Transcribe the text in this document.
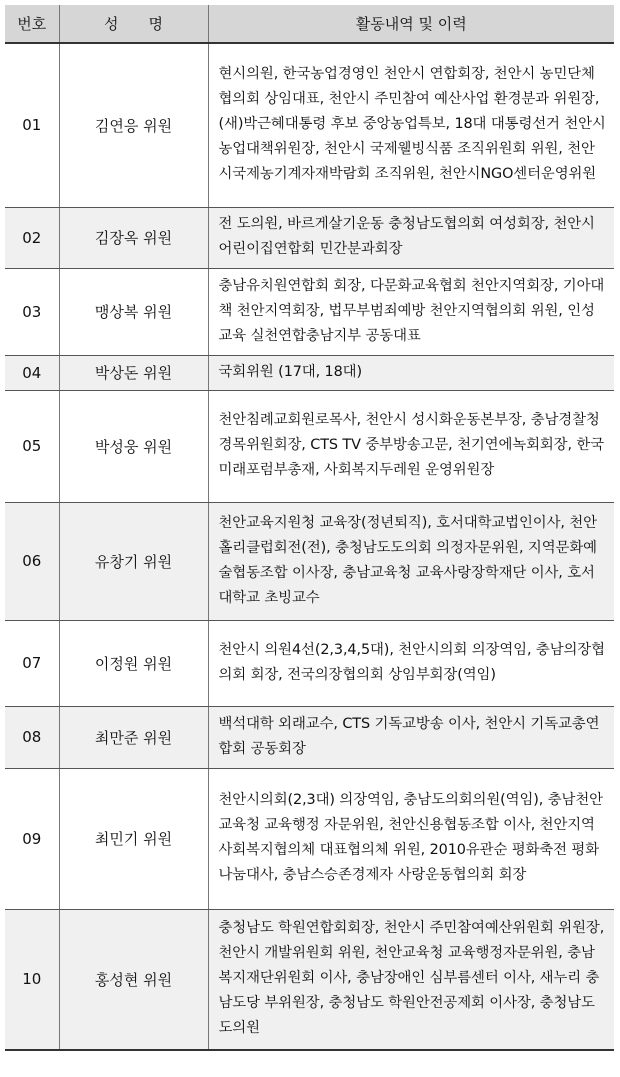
번호	성　　명	활동내역 및 이력
01	김연응 위원	현시의원, 한국농업경영인 천안시 연합회장, 천안시 농민단체협의회 상임대표, 천안시 주민참여 예산사업 환경분과 위원장, (새)박근혜대통령 후보 중앙농업특보, 18대 대통령선거 천안시 농업대책위원장, 천안시 국제웰빙식품 조직위원회 위원, 천안시국제농기계자재박람회 조직위원, 천안시NGO센터운영위원
02	김장옥 위원	전 도의원, 바르게살기운동 충청남도협의회 여성회장, 천안시 어린이집연합회 민간분과회장
03	맹상복 위원	충남유치원연합회 회장, 다문화교육협회 천안지역회장, 기아대책 천안지역회장, 법무부범죄예방 천안지역협의회 위원, 인성교육 실천연합충남지부 공동대표
04	박상돈 위원	국회위원 (17대, 18대)
05	박성웅 위원	천안침례교회원로목사, 천안시 성시화운동본부장, 충남경찰청경목위원회장, CTS TV 중부방송고문, 천기연에녹회회장, 한국미래포럼부총재, 사회복지두레원 운영위원장
06	유창기 위원	천안교육지원청 교육장(정년퇴직), 호서대학교법인이사, 천안홀리클럽회전(전), 충청남도도의회 의정자문위원, 지역문화예술협동조합 이사장, 충남교육청 교육사랑장학재단 이사, 호서대학교 초빙교수
07	이정원 위원	천안시 의원4선(2,3,4,5대), 천안시의회 의장역임, 충남의장협의회 회장, 전국의장협의회 상임부회장(역임)
08	최만준 위원	백석대학 외래교수, CTS 기독교방송 이사, 천안시 기독교총연합회 공동회장
09	최민기 위원	천안시의회(2,3대) 의장역임, 충남도의회의원(역임), 충남천안교육청 교육행정 자문위원, 천안신용협동조합 이사, 천안지역사회복지협의체 대표협의체 위원, 2010유관순 평화축전 평화나눔대사, 충남스승존경제자 사랑운동협의회 회장
10	홍성현 위원	충청남도 학원연합회회장, 천안시 주민참여예산위원회 위원장, 천안시 개발위원회 위원, 천안교육청 교육행정자문위원, 충남복지재단위원회 이사, 충남장애인 심부름센터 이사, 새누리 충남도당 부위원장, 충청남도 학원안전공제회 이사장, 충청남도 도의원
